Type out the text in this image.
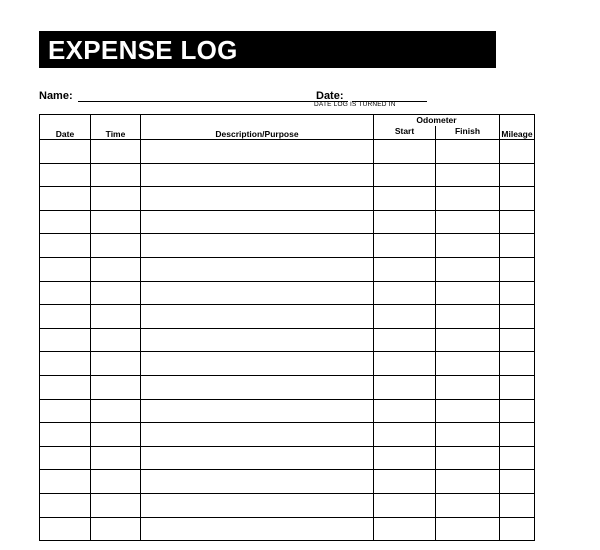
EXPENSE LOG
Name:	Date:
DATE LOG IS TURNED IN
Date	Time	Description/Purpose	Odometer		Mileage
			Start	Finish	
